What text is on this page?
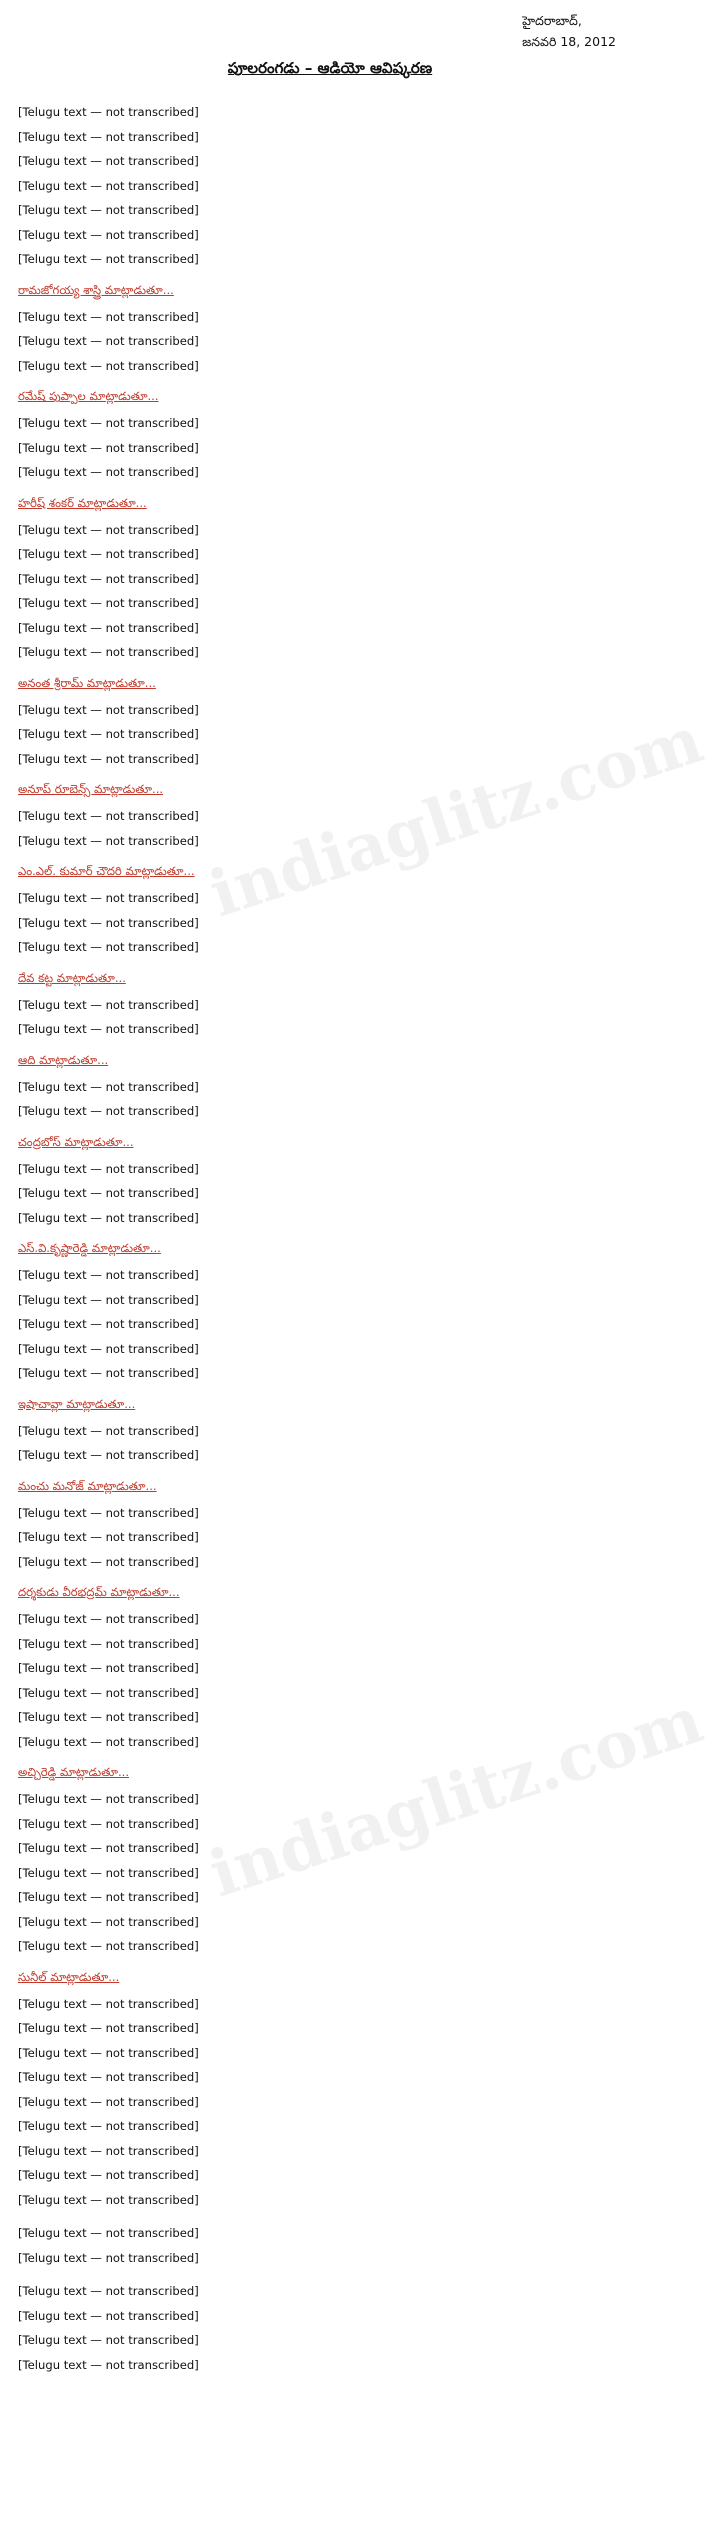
హైదరాబాద్,
జనవరి 18, 2012
పూలరంగడు – ఆడియో ఆవిష్కరణ
indiaglitz.com
indiaglitz.com
[Telugu text — not transcribed]
[Telugu text — not transcribed]
[Telugu text — not transcribed]
[Telugu text — not transcribed]
[Telugu text — not transcribed]
[Telugu text — not transcribed]
[Telugu text — not transcribed]
రామజోగయ్య శాస్త్రి మాట్లాడుతూ...
[Telugu text — not transcribed]
[Telugu text — not transcribed]
[Telugu text — not transcribed]
రమేష్ పుప్పాల మాట్లాడుతూ...
[Telugu text — not transcribed]
[Telugu text — not transcribed]
[Telugu text — not transcribed]
హరీష్ శంకర్ మాట్లాడుతూ...
[Telugu text — not transcribed]
[Telugu text — not transcribed]
[Telugu text — not transcribed]
[Telugu text — not transcribed]
[Telugu text — not transcribed]
[Telugu text — not transcribed]
అనంత శ్రీరామ్ మాట్లాడుతూ...
[Telugu text — not transcribed]
[Telugu text — not transcribed]
[Telugu text — not transcribed]
అనూప్ రూబెన్స్ మాట్లాడుతూ...
[Telugu text — not transcribed]
[Telugu text — not transcribed]
ఎం.ఎల్. కుమార్ చౌదరి మాట్లాడుతూ...
[Telugu text — not transcribed]
[Telugu text — not transcribed]
[Telugu text — not transcribed]
దేవ కట్ట మాట్లాడుతూ...
[Telugu text — not transcribed]
[Telugu text — not transcribed]
ఆది మాట్లాడుతూ...
[Telugu text — not transcribed]
[Telugu text — not transcribed]
చంద్రబోస్ మాట్లాడుతూ...
[Telugu text — not transcribed]
[Telugu text — not transcribed]
[Telugu text — not transcribed]
ఎస్.వి.కృష్ణారెడ్డి మాట్లాడుతూ...
[Telugu text — not transcribed]
[Telugu text — not transcribed]
[Telugu text — not transcribed]
[Telugu text — not transcribed]
[Telugu text — not transcribed]
ఇషాచావ్లా మాట్లాడుతూ...
[Telugu text — not transcribed]
[Telugu text — not transcribed]
మంచు మనోజ్ మాట్లాడుతూ...
[Telugu text — not transcribed]
[Telugu text — not transcribed]
[Telugu text — not transcribed]
దర్శకుడు వీరభద్రమ్ మాట్లాడుతూ...
[Telugu text — not transcribed]
[Telugu text — not transcribed]
[Telugu text — not transcribed]
[Telugu text — not transcribed]
[Telugu text — not transcribed]
[Telugu text — not transcribed]
అచ్చిరెడ్డి మాట్లాడుతూ...
[Telugu text — not transcribed]
[Telugu text — not transcribed]
[Telugu text — not transcribed]
[Telugu text — not transcribed]
[Telugu text — not transcribed]
[Telugu text — not transcribed]
[Telugu text — not transcribed]
సునీల్ మాట్లాడుతూ...
[Telugu text — not transcribed]
[Telugu text — not transcribed]
[Telugu text — not transcribed]
[Telugu text — not transcribed]
[Telugu text — not transcribed]
[Telugu text — not transcribed]
[Telugu text — not transcribed]
[Telugu text — not transcribed]
[Telugu text — not transcribed]
[Telugu text — not transcribed]
[Telugu text — not transcribed]
[Telugu text — not transcribed]
[Telugu text — not transcribed]
[Telugu text — not transcribed]
[Telugu text — not transcribed]
